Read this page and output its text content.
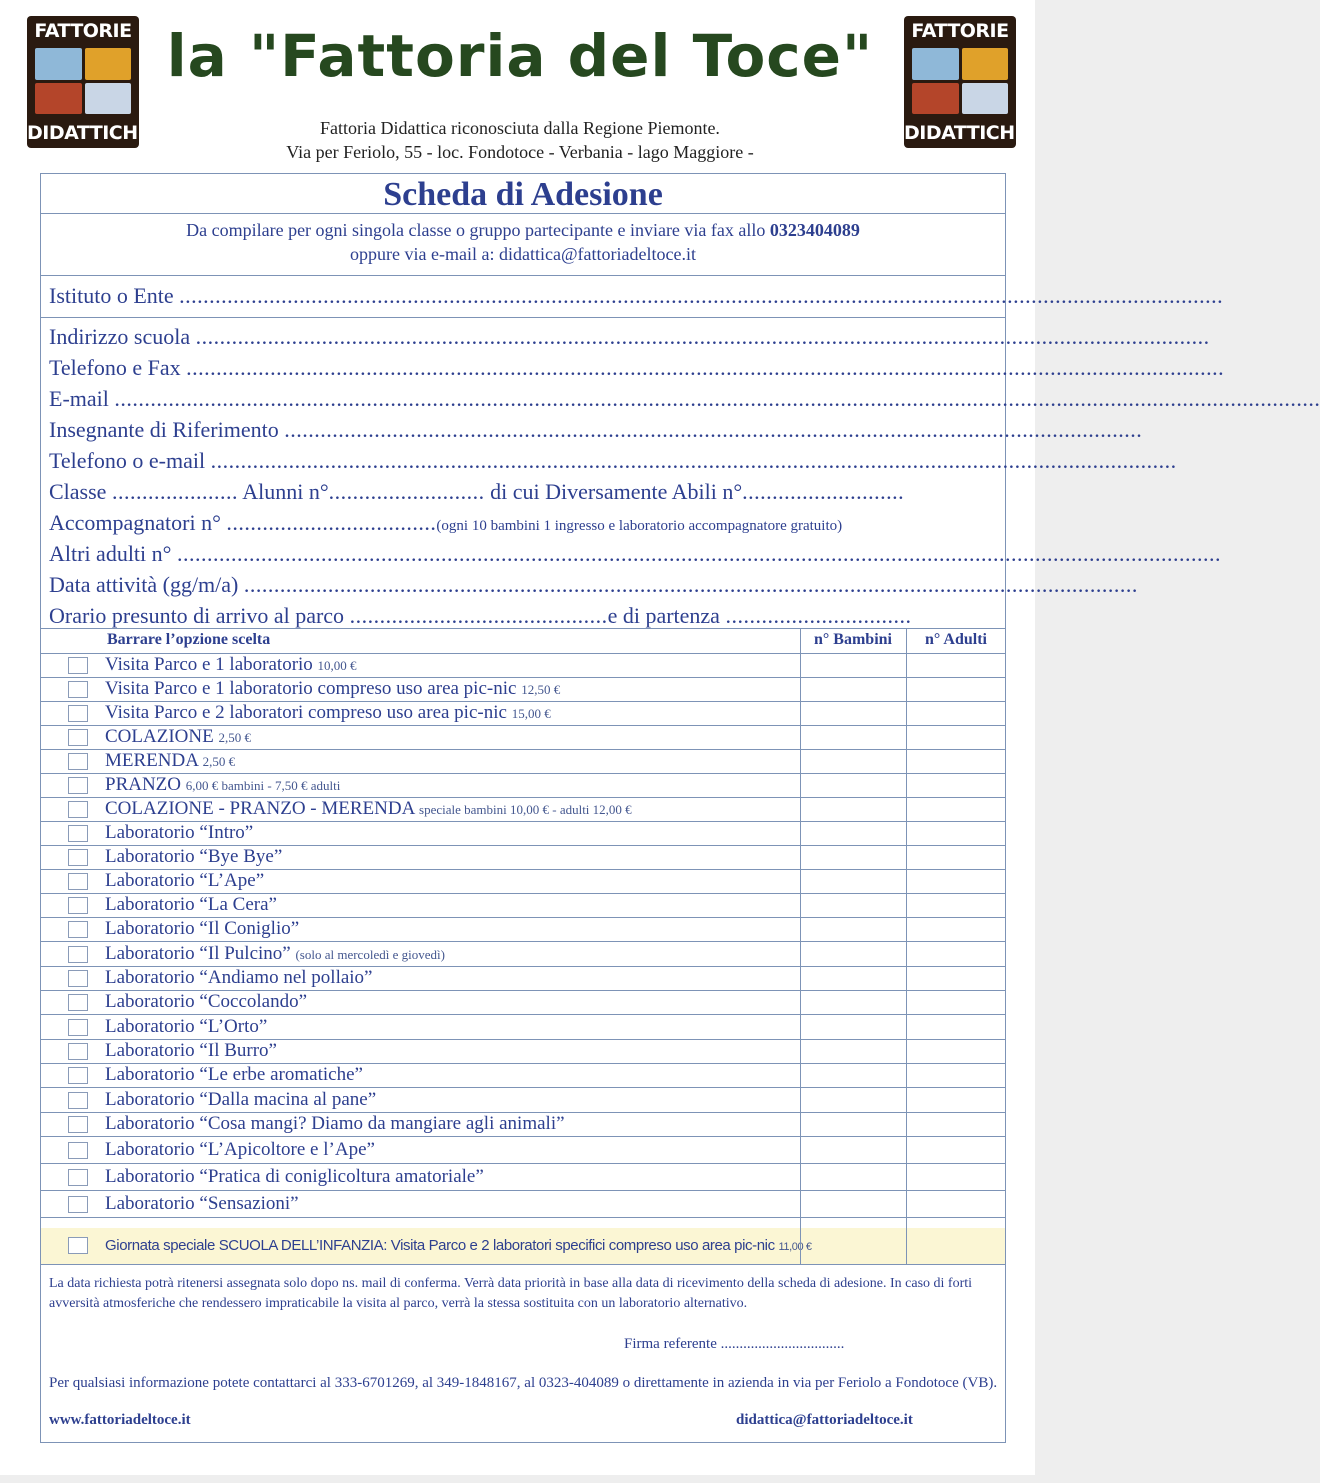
FATTORIE
DIDATTICHE
la "Fattoria del Toce"
Fattoria Didattica riconosciuta dalla Regione Piemonte.
Via per Feriolo, 55 - loc. Fondotoce - Verbania - lago Maggiore -
FATTORIE
DIDATTICHE
Scheda di Adesione
Da compilare per ogni singola classe o gruppo partecipante e inviare via fax allo 0323404089
oppure via e-mail a: didattica@fattoriadeltoce.it
Istituto o Ente ..............................................................................................................................................................................
Indirizzo scuola .........................................................................................................................................................................
Telefono e Fax .............................................................................................................................................................................
E-mail .........................................................................................................................................................................................................
Insegnante di Riferimento ...............................................................................................................................................
Telefono o e-mail .................................................................................................................................................................
Classe ..................... Alunni n°.......................... di cui Diversamente Abili n°...........................
Accompagnatori n° ...................................(ogni 10 bambini 1 ingresso e laboratorio accompagnatore gratuito)
Altri adulti n° ..............................................................................................................................................................................
Data attività (gg/m/a) .....................................................................................................................................................
Orario presunto di arrivo al parco ...........................................e di partenza ...............................
Barrare l’opzione scelta	n° Bambini	n° Adulti
Visita Parco e 1 laboratorio 10,00 €
Visita Parco e 1 laboratorio compreso uso area pic-nic 12,50 €
Visita Parco e 2 laboratori compreso uso area pic-nic 15,00 €
COLAZIONE 2,50 €
MERENDA 2,50 €
PRANZO 6,00 € bambini - 7,50 € adulti
COLAZIONE - PRANZO - MERENDA speciale bambini 10,00 € - adulti 12,00 €
Laboratorio “Intro”
Laboratorio “Bye Bye”
Laboratorio “L’Ape”
Laboratorio “La Cera”
Laboratorio “Il Coniglio”
Laboratorio “Il Pulcino” (solo al mercoledì e giovedì)
Laboratorio “Andiamo nel pollaio”
Laboratorio “Coccolando”
Laboratorio “L’Orto”
Laboratorio “Il Burro”
Laboratorio “Le erbe aromatiche”
Laboratorio “Dalla macina al pane”
Laboratorio “Cosa mangi? Diamo da mangiare agli animali”
Laboratorio “L’Apicoltore e l’Ape”
Laboratorio “Pratica di coniglicoltura amatoriale”
Laboratorio “Sensazioni”
Giornata speciale SCUOLA DELL’INFANZIA: Visita Parco e 2 laboratori specifici compreso uso area pic-nic 11,00 €
La data richiesta potrà ritenersi assegnata solo dopo ns. mail di conferma. Verrà data priorità in base alla data di ricevimento della scheda di adesione. In caso di forti avversità atmosferiche che rendessero impraticabile la visita al parco, verrà la stessa sostituita con un laboratorio alternativo.
Firma referente .................................
Per qualsiasi informazione potete contattarci al 333-6701269, al 349-1848167, al 0323-404089 o direttamente in azienda in via per Feriolo a Fondotoce (VB).
www.fattoriadeltoce.it	didattica@fattoriadeltoce.it
